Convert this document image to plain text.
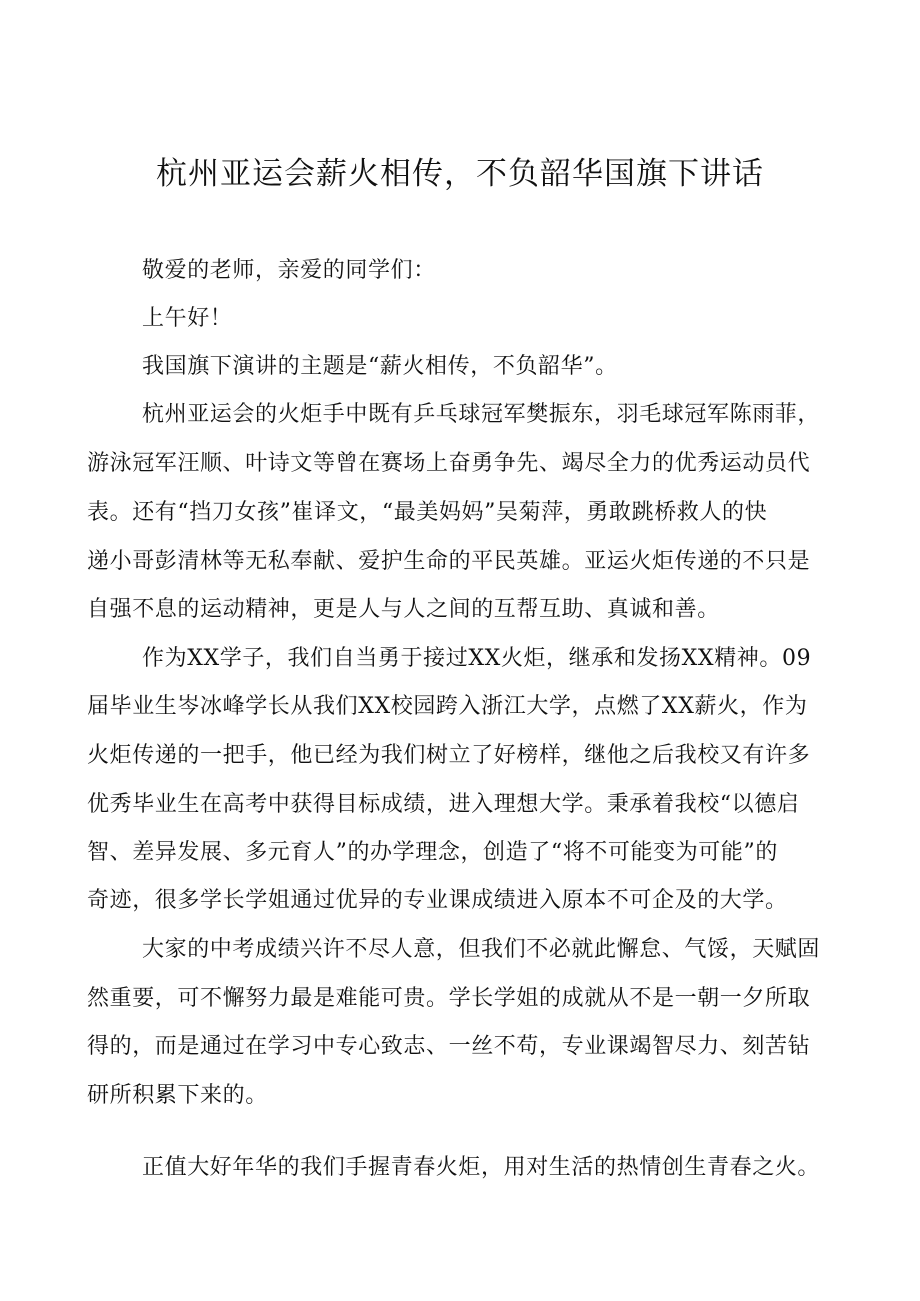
杭州亚运会薪火相传，不负韶华国旗下讲话

敬爱的老师，亲爱的同学们：

上午好！

我国旗下演讲的主题是“薪火相传，不负韶华”。

杭州亚运会的火炬手中既有乒乓球冠军樊振东，羽毛球冠军陈雨菲，

游泳冠军汪顺、叶诗文等曾在赛场上奋勇争先、竭尽全力的优秀运动员代

表。还有“挡刀女孩”崔译文，“最美妈妈”吴菊萍，勇敢跳桥救人的快

递小哥彭清林等无私奉献、爱护生命的平民英雄。亚运火炬传递的不只是

自强不息的运动精神，更是人与人之间的互帮互助、真诚和善。

作为XX学子，我们自当勇于接过XX火炬，继承和发扬XX精神。09

届毕业生岑冰峰学长从我们XX校园跨入浙江大学，点燃了XX薪火，作为

火炬传递的一把手，他已经为我们树立了好榜样，继他之后我校又有许多

优秀毕业生在高考中获得目标成绩，进入理想大学。秉承着我校“以德启

智、差异发展、多元育人”的办学理念，创造了“将不可能变为可能”的

奇迹，很多学长学姐通过优异的专业课成绩进入原本不可企及的大学。

大家的中考成绩兴许不尽人意，但我们不必就此懈怠、气馁，天赋固

然重要，可不懈努力最是难能可贵。学长学姐的成就从不是一朝一夕所取

得的，而是通过在学习中专心致志、一丝不苟，专业课竭智尽力、刻苦钻

研所积累下来的。

正值大好年华的我们手握青春火炬，用对生活的热情创生青春之火。
